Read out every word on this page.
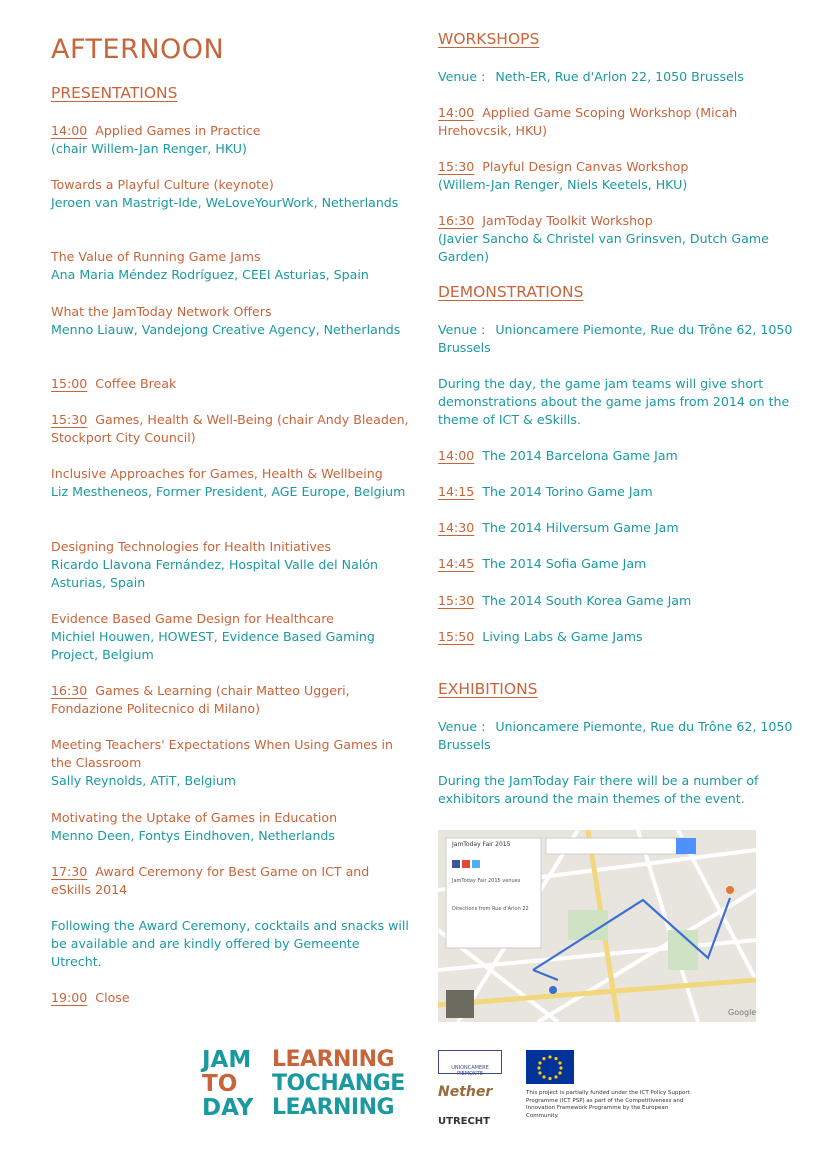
AFTERNOON
PRESENTATIONS
14:00 Applied Games in Practice
(chair Willem-Jan Renger, HKU)
Towards a Playful Culture (keynote)
Jeroen van Mastrigt-Ide, WeLoveYourWork, Netherlands
The Value of Running Game Jams
Ana Maria Méndez Rodríguez, CEEI Asturias, Spain
What the JamToday Network Offers
Menno Liauw, Vandejong Creative Agency, Netherlands
15:00 Coffee Break
15:30 Games, Health & Well-Being (chair Andy Bleaden, Stockport City Council)
Inclusive Approaches for Games, Health & Wellbeing
Liz Mestheneos, Former President, AGE Europe, Belgium
Designing Technologies for Health Initiatives
Ricardo Llavona Fernández, Hospital Valle del Nalón Asturias, Spain
Evidence Based Game Design for Healthcare
Michiel Houwen, HOWEST, Evidence Based Gaming Project, Belgium
16:30 Games & Learning (chair Matteo Uggeri, Fondazione Politecnico di Milano)
Meeting Teachers' Expectations When Using Games in the Classroom
Sally Reynolds, ATiT, Belgium
Motivating the Uptake of Games in Education
Menno Deen, Fontys Eindhoven, Netherlands
17:30 Award Ceremony for Best Game on ICT and eSkills 2014
Following the Award Ceremony, cocktails and snacks will be available and are kindly offered by Gemeente Utrecht.
19:00 Close
WORKSHOPS
Venue : Neth-ER, Rue d'Arlon 22, 1050 Brussels
14:00 Applied Game Scoping Workshop (Micah Hrehovcsik, HKU)
15:30 Playful Design Canvas Workshop
(Willem-Jan Renger, Niels Keetels, HKU)
16:30 JamToday Toolkit Workshop
(Javier Sancho & Christel van Grinsven, Dutch Game Garden)
DEMONSTRATIONS
Venue : Unioncamere Piemonte, Rue du Trône 62, 1050 Brussels
During the day, the game jam teams will give short demonstrations about the game jams from 2014 on the theme of ICT & eSkills.
14:00 The 2014 Barcelona Game Jam
14:15 The 2014 Torino Game Jam
14:30 The 2014 Hilversum Game Jam
14:45 The 2014 Sofia Game Jam
15:30 The 2014 South Korea Game Jam
15:50 Living Labs & Game Jams
EXHIBITIONS
Venue : Unioncamere Piemonte, Rue du Trône 62, 1050 Brussels
During the JamToday Fair there will be a number of exhibitors around the main themes of the event.
JamToday Fair 2015
JamToday Fair 2015 venues
Directions from Rue d'Arlon 22
Google
JAM
TO
DAY
LEARNING
TOCHANGE
LEARNING
UNIONCAMERE PIEMONTE
Nether
UTRECHT
This project is partially funded under the ICT Policy Support Programme (ICT PSP) as part of the Competitiveness and Innovation Framework Programme by the European Community.
